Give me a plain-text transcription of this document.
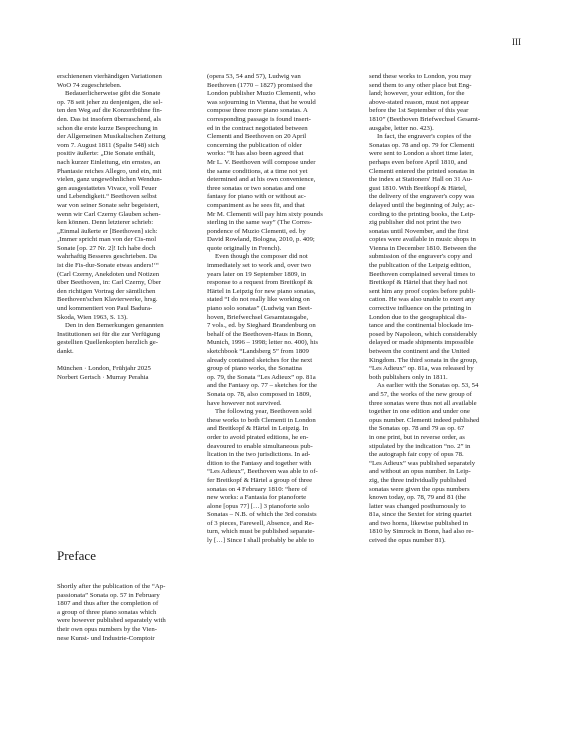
III

erschienenen vierhändigen Variationen

WoO 74 zugeschrieben.

Bedauerlicherweise gibt die Sonate

op. 78 seit jeher zu denjenigen, die sel-

ten den Weg auf die Konzertbühne fin-

den. Das ist insofern überraschend, als

schon die erste kurze Besprechung in

der Allgemeinen Musikalischen Zeitung

vom 7. August 1811 (Spalte 548) sich

positiv äußerte: „Die Sonate enthält,

nach kurzer Einleitung, ein ernstes, an

Phantasie reiches Allegro, und ein, mit

vielen, ganz ungewöhnlichen Wendun-

gen ausgestattetes Vivace, voll Feuer

und Lebendigkeit.“ Beethoven selbst

war von seiner Sonate sehr begeistert,

wenn wir Carl Czerny Glauben schen-

ken können. Denn letzterer schrieb:

„Einmal äußerte er [Beethoven] sich:

‚Immer spricht man von der Cis-mol

Sonate [op. 27 Nr. 2]! Ich habe doch

wahrhaftig Besseres geschrieben. Da

ist die Fis-dur-Sonate etwas anders!‘“

(Carl Czerny, Anekdoten und Notizen

über Beethoven, in: Carl Czerny, Über

den richtigen Vortrag der sämtlichen

Beethoven'schen Klavierwerke, hrsg.

und kommentiert von Paul Badura-

Skoda, Wien 1963, S. 13).

Den in den Bemerkungen genannten

Institutionen sei für die zur Verfügung

gestellten Quellenkopien herzlich ge-

dankt.

München · London, Frühjahr 2025

Norbert Gertsch · Murray Perahia

Preface

Shortly after the publication of the “Ap-

passionata” Sonata op. 57 in February

1807 and thus after the completion of

a group of three piano sonatas which

were however published separately with

their own opus numbers by the Vien-

nese Kunst- und Industrie-Comptoir

(opera 53, 54 and 57), Ludwig van

Beethoven (1770 – 1827) promised the

London publisher Muzio Clementi, who

was sojourning in Vienna, that he would

compose three more piano sonatas. A

corresponding passage is found insert-

ed in the contract negotiated between

Clementi and Beethoven on 20 April

concerning the publication of older

works: “It has also been agreed that

Mr L. V. Beethoven will compose under

the same conditions, at a time not yet

determined and at his own convenience,

three sonatas or two sonatas and one

fantasy for piano with or without ac-

companiment as he sees fit, and that

Mr M. Clementi will pay him sixty pounds

sterling in the same way” (The Corres-

pondence of Muzio Clementi, ed. by

David Rowland, Bologna, 2010, p. 409;

quote originally in French).

Even though the composer did not

immediately set to work and, over two

years later on 19 September 1809, in

response to a request from Breitkopf &

Härtel in Leipzig for new piano sonatas,

stated “I do not really like working on

piano solo sonatas” (Ludwig van Beet-

hoven, Briefwechsel Gesamtausgabe,

7 vols., ed. by Sieghard Brandenburg on

behalf of the Beethoven-Haus in Bonn,

Munich, 1996 – 1998; letter no. 400), his

sketchbook “Landsberg 5” from 1809

already contained sketches for the next

group of piano works, the Sonatina

op. 79, the Sonata “Les Adieux” op. 81a

and the Fantasy op. 77 – sketches for the

Sonata op. 78, also composed in 1809,

have however not survived.

The following year, Beethoven sold

these works to both Clementi in London

and Breitkopf & Härtel in Leipzig. In

order to avoid pirated editions, he en-

deavoured to enable simultaneous pub-

lication in the two jurisdictions. In ad-

dition to the Fantasy and together with

“Les Adieux”, Beethoven was able to of-

fer Breitkopf & Härtel a group of three

sonatas on 4 February 1810: “here of

new works: a Fantasia for pianoforte

alone [opus 77] […] 3 pianoforte solo

Sonatas – N.B. of which the 3rd consists

of 3 pieces, Farewell, Absence, and Re-

turn, which must be published separate-

ly […] Since I shall probably be able to

send these works to London, you may

send them to any other place but Eng-

land; however, your edition, for the

above-stated reason, must not appear

before the 1st September of this year

1810” (Beethoven Briefwechsel Gesamt-

ausgabe, letter no. 423).

In fact, the engraver's copies of the

Sonatas op. 78 and op. 79 for Clementi

were sent to London a short time later,

perhaps even before April 1810, and

Clementi entered the printed sonatas in

the index at Stationers' Hall on 31 Au-

gust 1810. With Breitkopf & Härtel,

the delivery of the engraver's copy was

delayed until the beginning of July; ac-

cording to the printing books, the Leip-

zig publisher did not print the two

sonatas until November, and the first

copies were available in music shops in

Vienna in December 1810. Between the

submission of the engraver's copy and

the publication of the Leipzig edition,

Beethoven complained several times to

Breitkopf & Härtel that they had not

sent him any proof copies before publi-

cation. He was also unable to exert any

corrective influence on the printing in

London due to the geographical dis-

tance and the continental blockade im-

posed by Napoleon, which considerably

delayed or made shipments impossible

between the continent and the United

Kingdom. The third sonata in the group,

“Les Adieux” op. 81a, was released by

both publishers only in 1811.

As earlier with the Sonatas op. 53, 54

and 57, the works of the new group of

three sonatas were thus not all available

together in one edition and under one

opus number. Clementi indeed published

the Sonatas op. 78 and 79 as op. 67

in one print, but in reverse order, as

stipulated by the indication “no. 2” in

the autograph fair copy of opus 78.

“Les Adieux” was published separately

and without an opus number. In Leip-

zig, the three individually published

sonatas were given the opus numbers

known today, op. 78, 79 and 81 (the

latter was changed posthumously to

81a, since the Sextet for string quartet

and two horns, likewise published in

1810 by Simrock in Bonn, had also re-

ceived the opus number 81).
